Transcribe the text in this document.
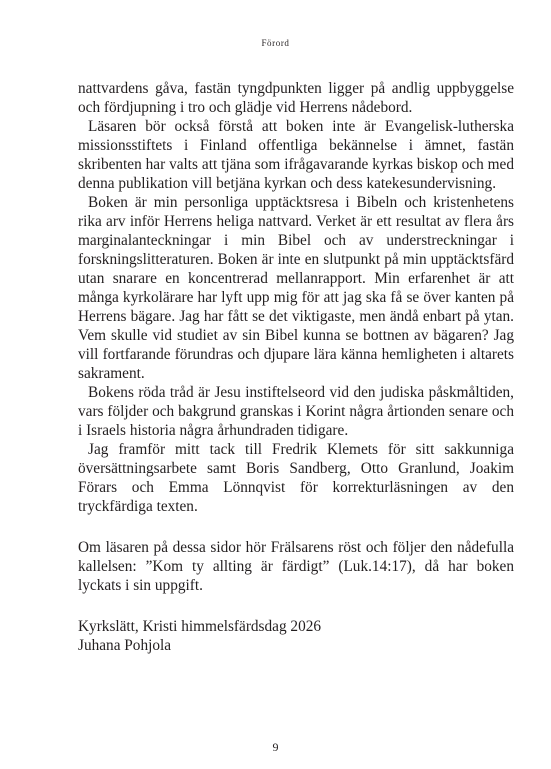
Förord

nattvardens gåva, fastän tyngdpunkten ligger på andlig uppbyggelse och fördjupning i tro och glädje vid Herrens nådebord.

Läsaren bör också förstå att boken inte är Evangelisk-lutherska missionsstiftets i Finland offentliga bekännelse i ämnet, fastän skribenten har valts att tjäna som ifrågavarande kyrkas biskop och med denna publikation vill betjäna kyrkan och dess katekesundervisning.

Boken är min personliga upptäcktsresa i Bibeln och kristenhetens rika arv inför Herrens heliga nattvard. Verket är ett resultat av flera års marginalanteckningar i min Bibel och av understreckningar i forskningslitteraturen. Boken är inte en slutpunkt på min upptäcktsfärd utan snarare en koncentrerad mellanrapport. Min erfarenhet är att många kyrkolärare har lyft upp mig för att jag ska få se över kanten på Herrens bägare. Jag har fått se det viktigaste, men ändå enbart på ytan. Vem skulle vid studiet av sin Bibel kunna se bottnen av bägaren? Jag vill fortfarande förundras och djupare lära känna hemligheten i altarets sakrament.

Bokens röda tråd är Jesu instiftelseord vid den judiska påskmåltiden, vars följder och bakgrund granskas i Korint några årtionden senare och i Israels historia några århundraden tidigare.

Jag framför mitt tack till Fredrik Klemets för sitt sakkunniga översättningsarbete samt Boris Sandberg, Otto Granlund, Joakim Förars och Emma Lönnqvist för korrekturläsningen av den tryckfärdiga texten.

Om läsaren på dessa sidor hör Frälsarens röst och följer den nådefulla kallelsen: ”Kom ty allting är färdigt” (Luk.14:17), då har boken lyckats i sin uppgift.

Kyrkslätt, Kristi himmelsfärdsdag 2026

Juhana Pohjola

9
